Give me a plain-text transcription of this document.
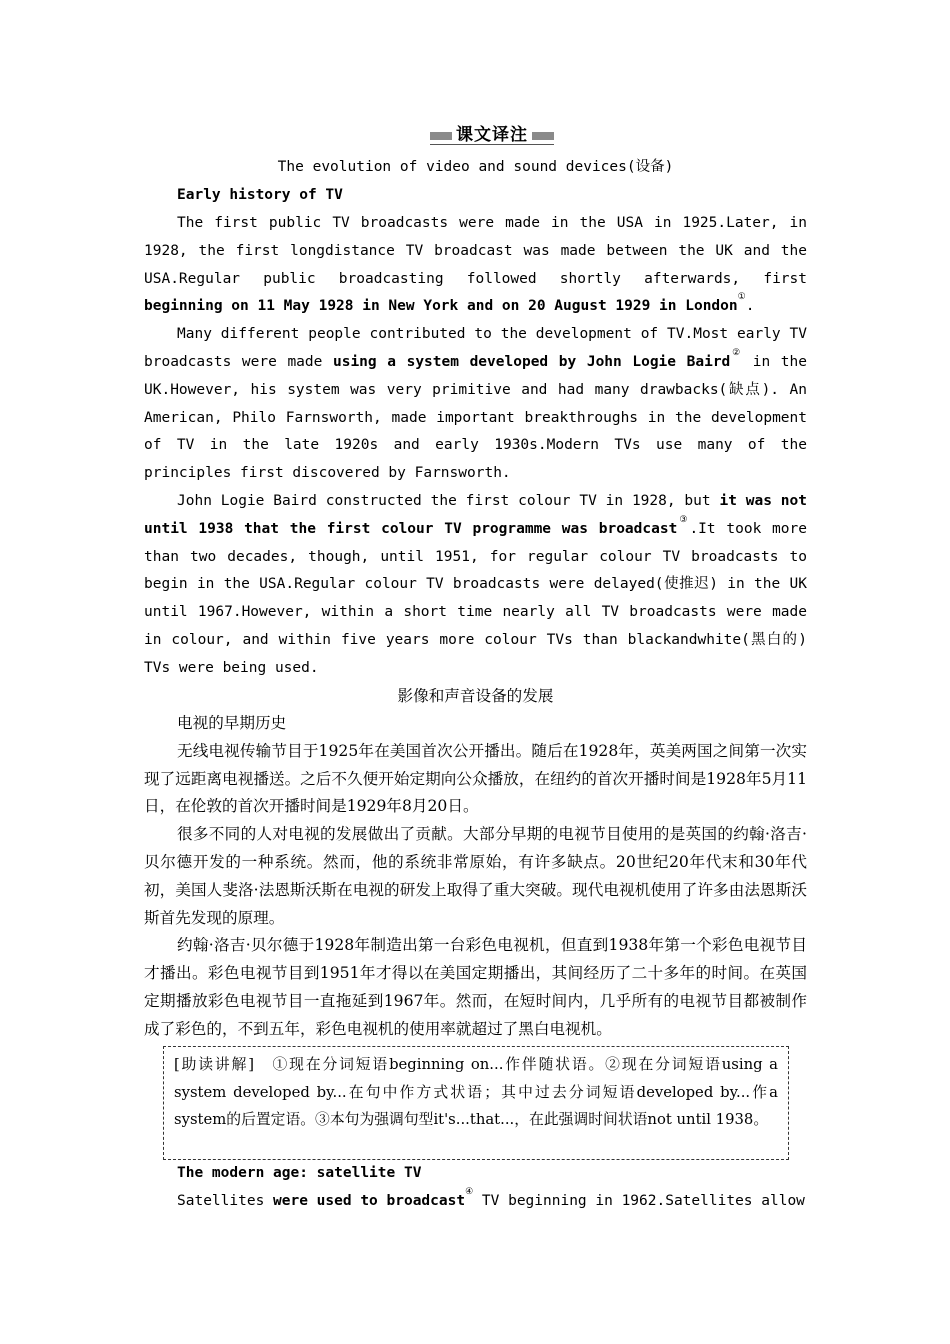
课文译注
The evolution of video and sound devices(设备)

Early history of TV

The first public TV broadcasts were made in the USA in 1925.Later, in 1928, the first longdistance TV broadcast was made between the UK and the USA.Regular public broadcasting followed shortly afterwards, first beginning on 11 May 1928 in New York and on 20 August 1929 in London①.

Many different people contributed to the development of TV.Most early TV broadcasts were made using a system developed by John Logie Baird② in the UK.However, his system was very primitive and had many drawbacks(缺点). An American, Philo Farnsworth, made important breakthroughs in the development of TV in the late 1920s and early 1930s.Modern TVs use many of the principles first discovered by Farnsworth.

John Logie Baird constructed the first colour TV in 1928, but it was not until 1938 that the first colour TV programme was broadcast③.It took more than two decades, though, until 1951, for regular colour TV broadcasts to begin in the USA.Regular colour TV broadcasts were delayed(使推迟) in the UK until 1967.However, within a short time nearly all TV broadcasts were made in colour, and within five years more colour TVs than blackandwhite(黑白的) TVs were being used.

影像和声音设备的发展

电视的早期历史

无线电视传输节目于1925年在美国首次公开播出。随后在1928年，英美两国之间第一次实现了远距离电视播送。之后不久便开始定期向公众播放，在纽约的首次开播时间是1928年5月11日，在伦敦的首次开播时间是1929年8月20日。

很多不同的人对电视的发展做出了贡献。大部分早期的电视节目使用的是英国的约翰·洛吉·贝尔德开发的一种系统。然而，他的系统非常原始，有许多缺点。20世纪20年代末和30年代初，美国人斐洛·法恩斯沃斯在电视的研发上取得了重大突破。现代电视机使用了许多由法恩斯沃斯首先发现的原理。

约翰·洛吉·贝尔德于1928年制造出第一台彩色电视机，但直到1938年第一个彩色电视节目才播出。彩色电视节目到1951年才得以在美国定期播出，其间经历了二十多年的时间。在英国定期播放彩色电视节目一直拖延到1967年。然而，在短时间内，几乎所有的电视节目都被制作成了彩色的，不到五年，彩色电视机的使用率就超过了黑白电视机。

[助读讲解]　①现在分词短语beginning on...作伴随状语。②现在分词短语using a system developed by...在句中作方式状语；其中过去分词短语developed by...作a system的后置定语。③本句为强调句型it's...that...，在此强调时间状语not until 1938。

The modern age: satellite TV

Satellites were used to broadcast④ TV beginning in 1962.Satellites allow
